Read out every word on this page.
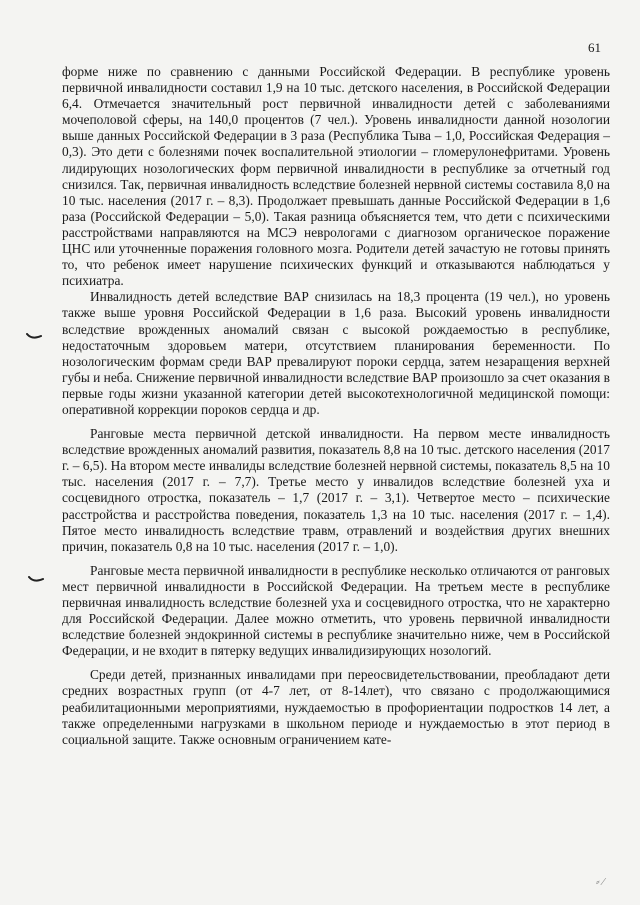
61

форме ниже по сравнению с данными Российской Федерации. В республике уровень первичной инвалидности составил 1,9 на 10 тыс. детского населения, в Российской Федерации 6,4. Отмечается значительный рост первичной инвалидности детей с заболеваниями мочеполовой сферы, на 140,0 процентов (7 чел.). Уровень инвалидности данной нозологии выше данных Российской Федерации в 3 раза (Республика Тыва – 1,0, Российская Федерация – 0,3). Это дети с болезнями почек воспалительной этиологии – гломерулонефритами. Уровень лидирующих нозологических форм первичной инвалидности в республике за отчетный год снизился. Так, первичная инвалидность вследствие болезней нервной системы составила 8,0 на 10 тыс. населения (2017 г. – 8,3). Продолжает превышать данные Российской Федерации в 1,6 раза (Российской Федерации – 5,0). Такая разница объясняется тем, что дети с психическими расстройствами направляются на МСЭ неврологами с диагнозом органическое поражение ЦНС или уточненные поражения головного мозга. Родители детей зачастую не готовы принять то, что ребенок имеет нарушение психических функций и отказываются наблюдаться у психиатра.

Инвалидность детей вследствие ВАР снизилась на 18,3 процента (19 чел.), но уровень также выше уровня Российской Федерации в 1,6 раза. Высокий уровень инвалидности вследствие врожденных аномалий связан с высокой рождаемостью в республике, недостаточным здоровьем матери, отсутствием планирования беременности. По нозологическим формам среди ВАР превалируют пороки сердца, затем незаращения верхней губы и неба. Снижение первичной инвалидности вследствие ВАР произошло за счет оказания в первые годы жизни указанной категории детей высокотехнологичной медицинской помощи: оперативной коррекции пороков сердца и др.

Ранговые места первичной детской инвалидности. На первом месте инвалидность вследствие врожденных аномалий развития, показатель 8,8 на 10 тыс. детского населения (2017 г. – 6,5). На втором месте инвалиды вследствие болезней нервной системы, показатель 8,5 на 10 тыс. населения (2017 г. – 7,7). Третье место у инвалидов вследствие болезней уха и сосцевидного отростка, показатель – 1,7 (2017 г. – 3,1). Четвертое место – психические расстройства и расстройства поведения, показатель 1,3 на 10 тыс. населения (2017 г. – 1,4). Пятое место инвалидность вследствие травм, отравлений и воздействия других внешних причин, показатель 0,8 на 10 тыс. населения (2017 г. – 1,0).

Ранговые места первичной инвалидности в республике несколько отличаются от ранговых мест первичной инвалидности в Российской Федерации. На третьем месте в республике первичная инвалидность вследствие болезней уха и сосцевидного отростка, что не характерно для Российской Федерации. Далее можно отметить, что уровень первичной инвалидности вследствие болезней эндокринной системы в республике значительно ниже, чем в Российской Федерации, и не входит в пятерку ведущих инвалидизирующих нозологий.

Среди детей, признанных инвалидами при переосвидетельствовании, преобладают дети средних возрастных групп (от 4-7 лет, от 8-14лет), что связано с продолжающимися реабилитационными мероприятиями, нуждаемостью в профориентации подростков 14 лет, а также определенными нагрузками в школьном периоде и нуждаемостью в этот период в социальной защите. Также основным ограничением кате-

⸗ ⁄
